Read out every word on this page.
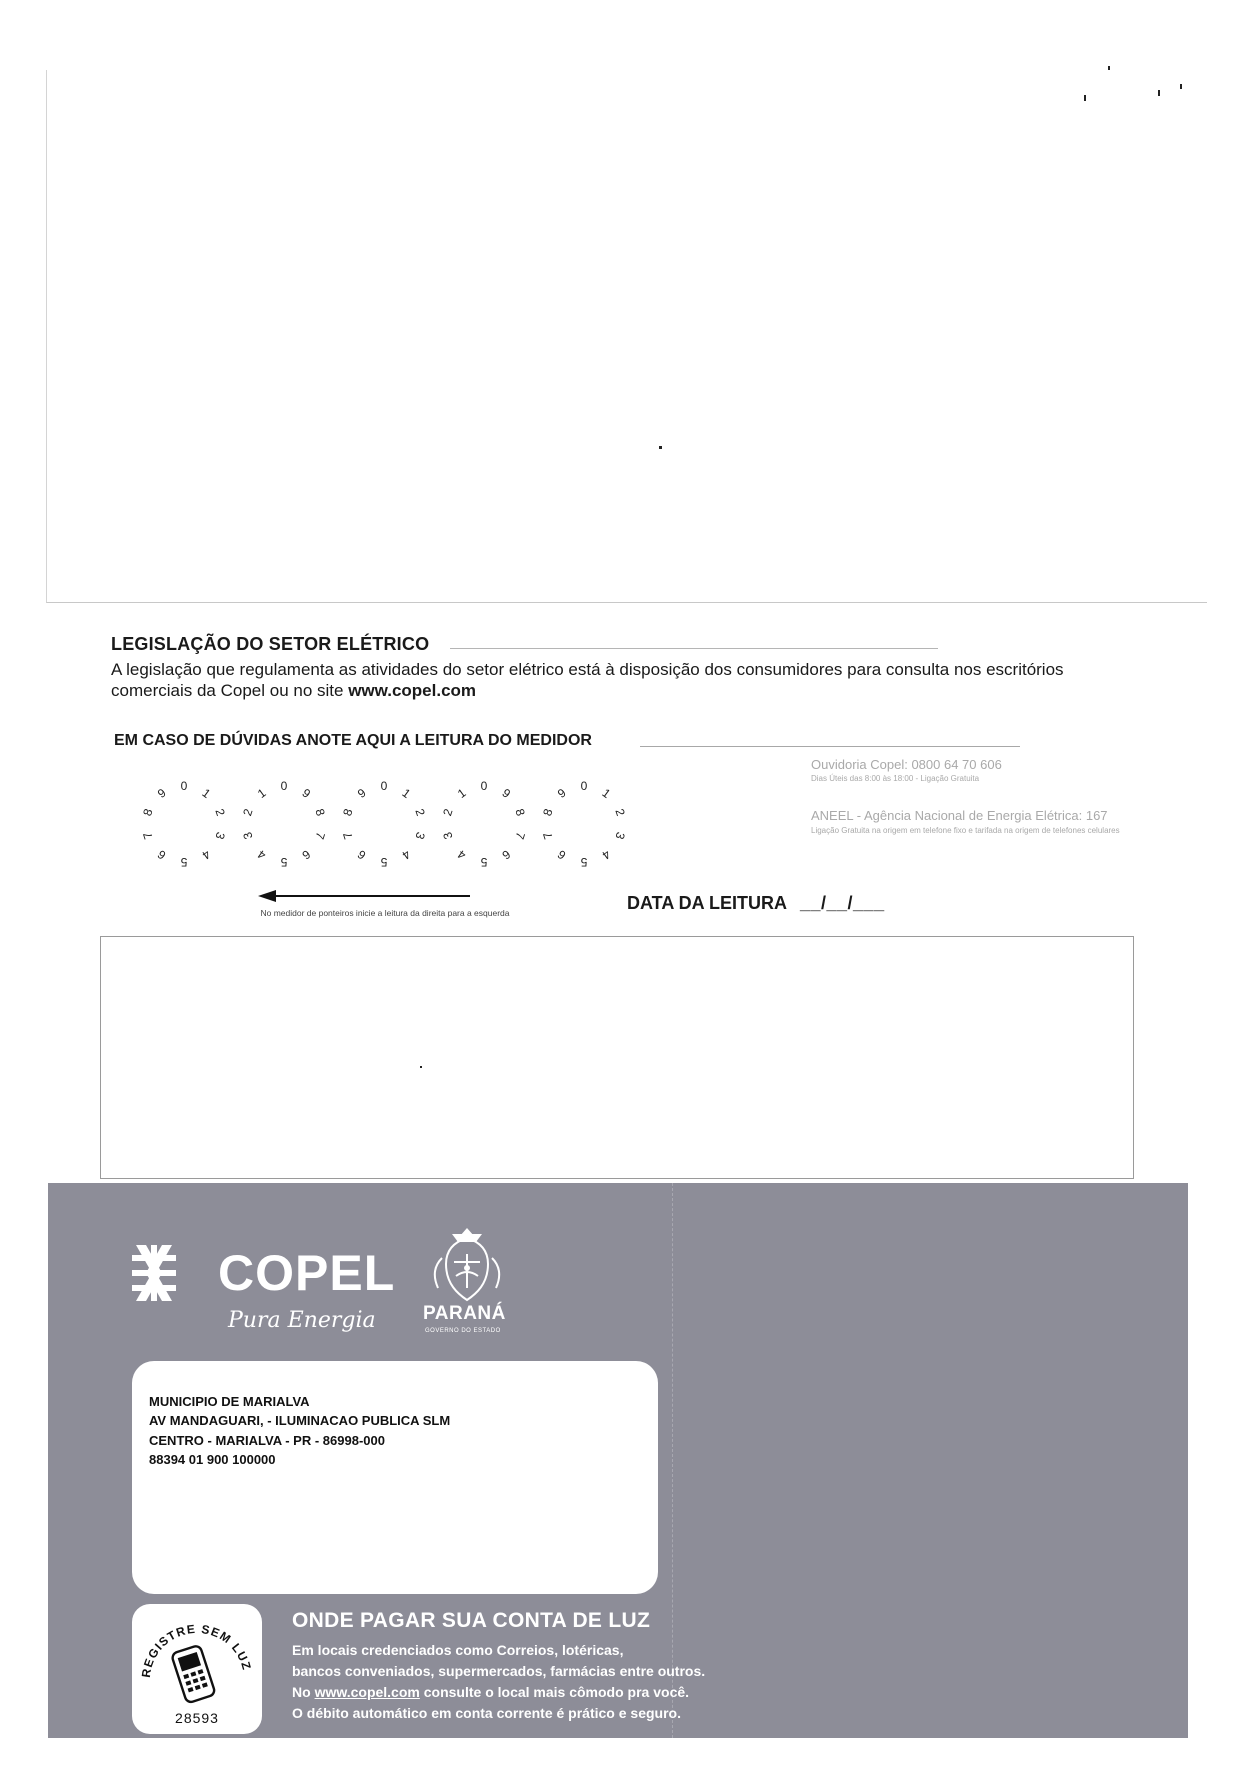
LEGISLAÇÃO DO SETOR ELÉTRICO
A legislação que regulamenta as atividades do setor elétrico está à disposição dos consumidores para consulta nos escritórios comerciais da Copel ou no site www.copel.com
EM CASO DE DÚVIDAS ANOTE AQUI A LEITURA DO MEDIDOR
Ouvidoria Copel: 0800 64 70 606
Dias Úteis das 8:00 às 18:00 - Ligação Gratuita
ANEEL - Agência Nacional de Energia Elétrica: 167
Ligação Gratuita na origem em telefone fixo e tarifada na origem de telefones celulares
0 1
2
3
4
5
6
7
8
9	0
1
2
3
4 5 6
7
8
9	0 1
2
3
4
5
6
7
8
9	0
1
2
3
4 5 6
7
8
9	0 1
2
3
4
5
6
7
8
9
No medidor de ponteiros inicie a leitura da direita para a esquerda	DATA DA LEITURA __/__/___
COPEL
Pura Energia PARANÁ
GOVERNO DO ESTADO
MUNICIPIO DE MARIALVA
AV MANDAGUARI, - ILUMINACAO PUBLICA SLM
CENTRO - MARIALVA - PR - 86998-000
88394 01 900 100000
REGISTRE SEM LUZ
28593
ONDE PAGAR SUA CONTA DE LUZ
Em locais credenciados como Correios, lotéricas,
bancos conveniados, supermercados, farmácias entre outros.
No www.copel.com consulte o local mais cômodo pra você.
O débito automático em conta corrente é prático e seguro.
